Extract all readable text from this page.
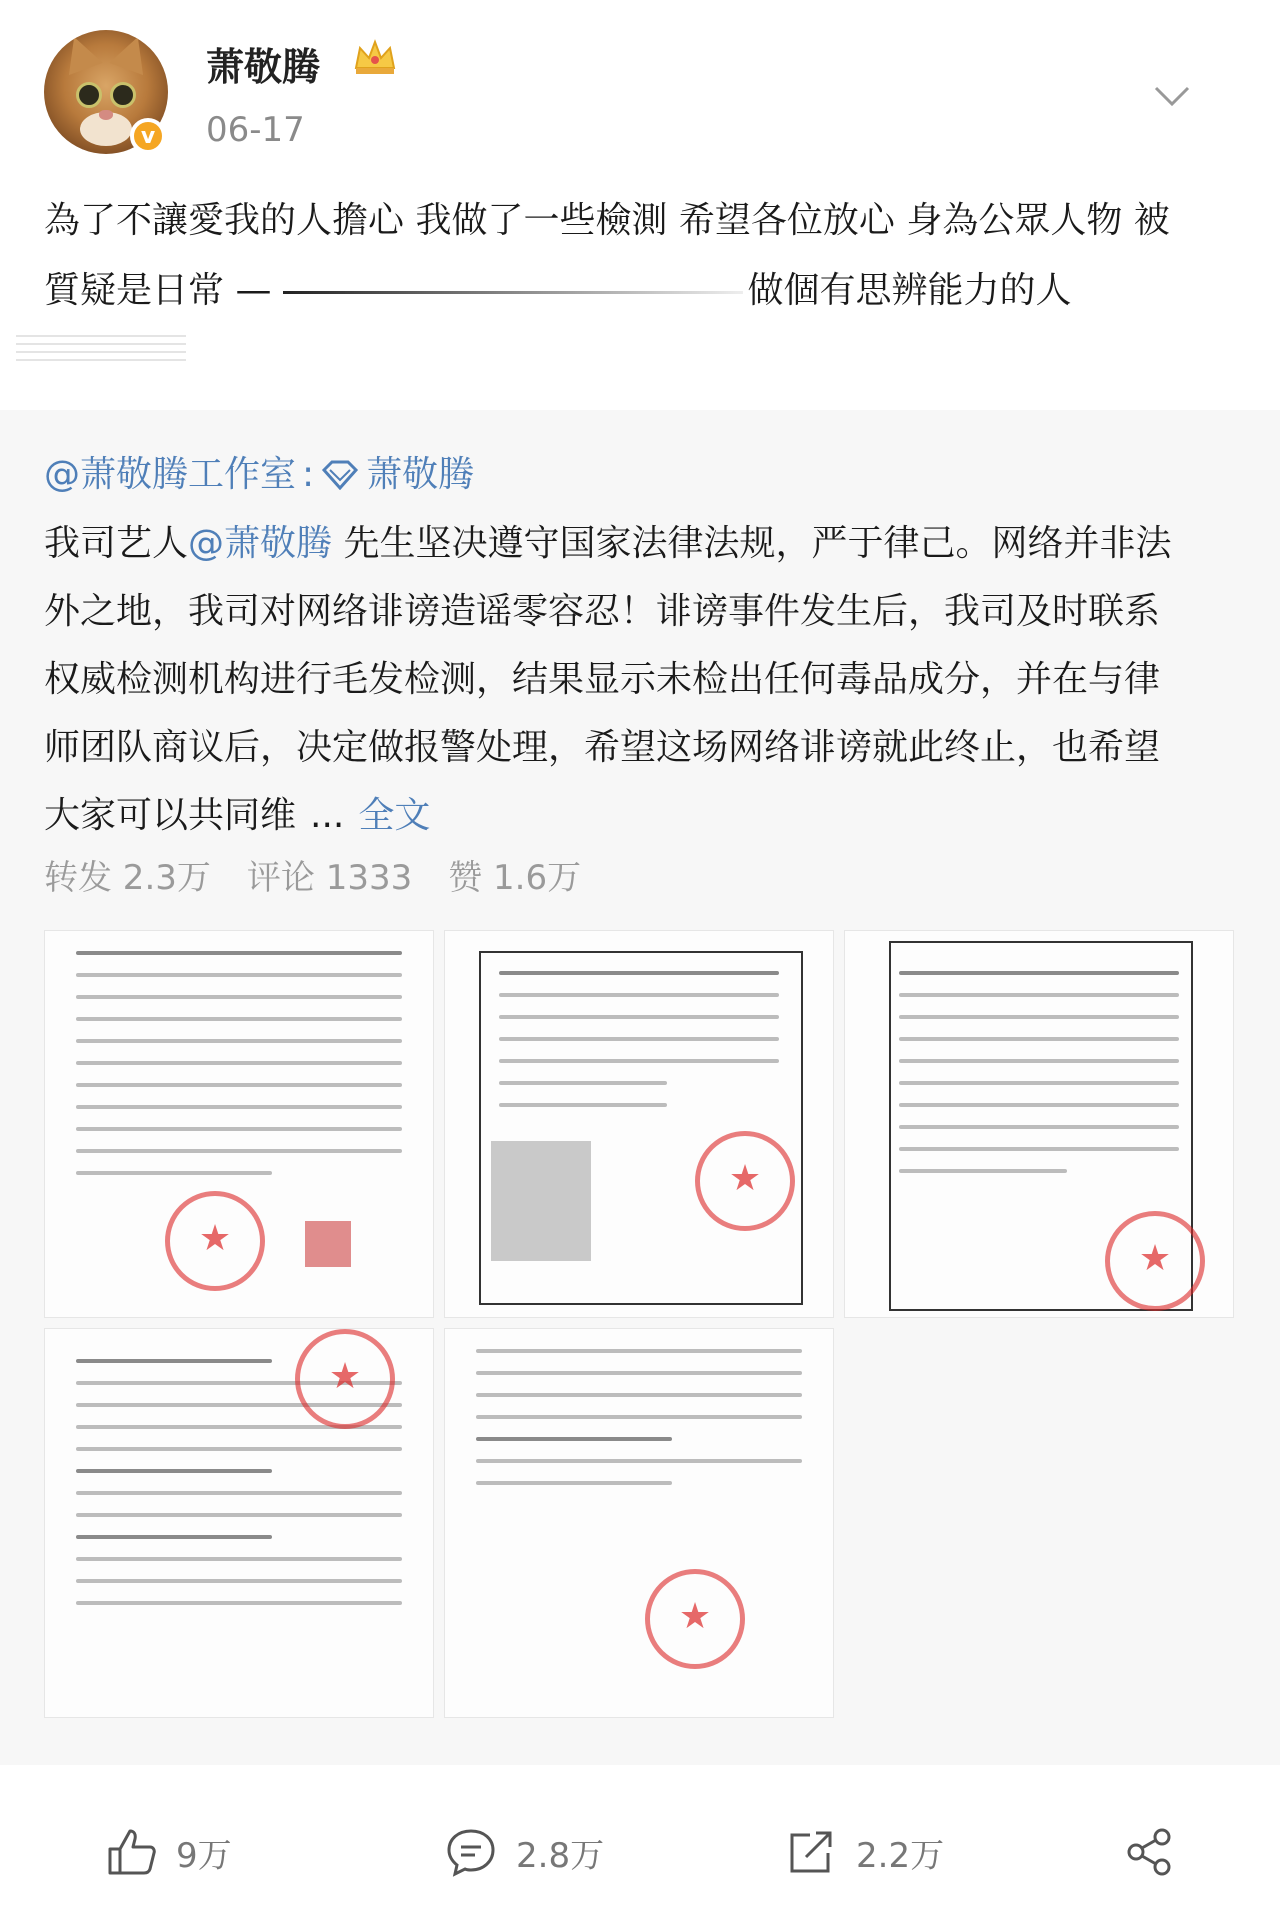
v
萧敬腾
06-17
為了不讓愛我的人擔心 我做了一些檢測 希望各位放心 身為公眾人物 被
質疑是日常 —	做個有思辨能力的人
@萧敬腾工作室 : 萧敬腾
我司艺人@萧敬腾 先生坚决遵守国家法律法规，严于律己。网络并非法
外之地，我司对网络诽谤造谣零容忍！诽谤事件发生后，我司及时联系
权威检测机构进行毛发检测，结果显示未检出任何毒品成分，并在与律
师团队商议后，决定做报警处理，希望这场网络诽谤就此终止，也希望
大家可以共同维 ... 全文
转发 2.3万 评论 1333 赞 1.6万
★
★
★
★
★
9万	2.8万	2.2万
